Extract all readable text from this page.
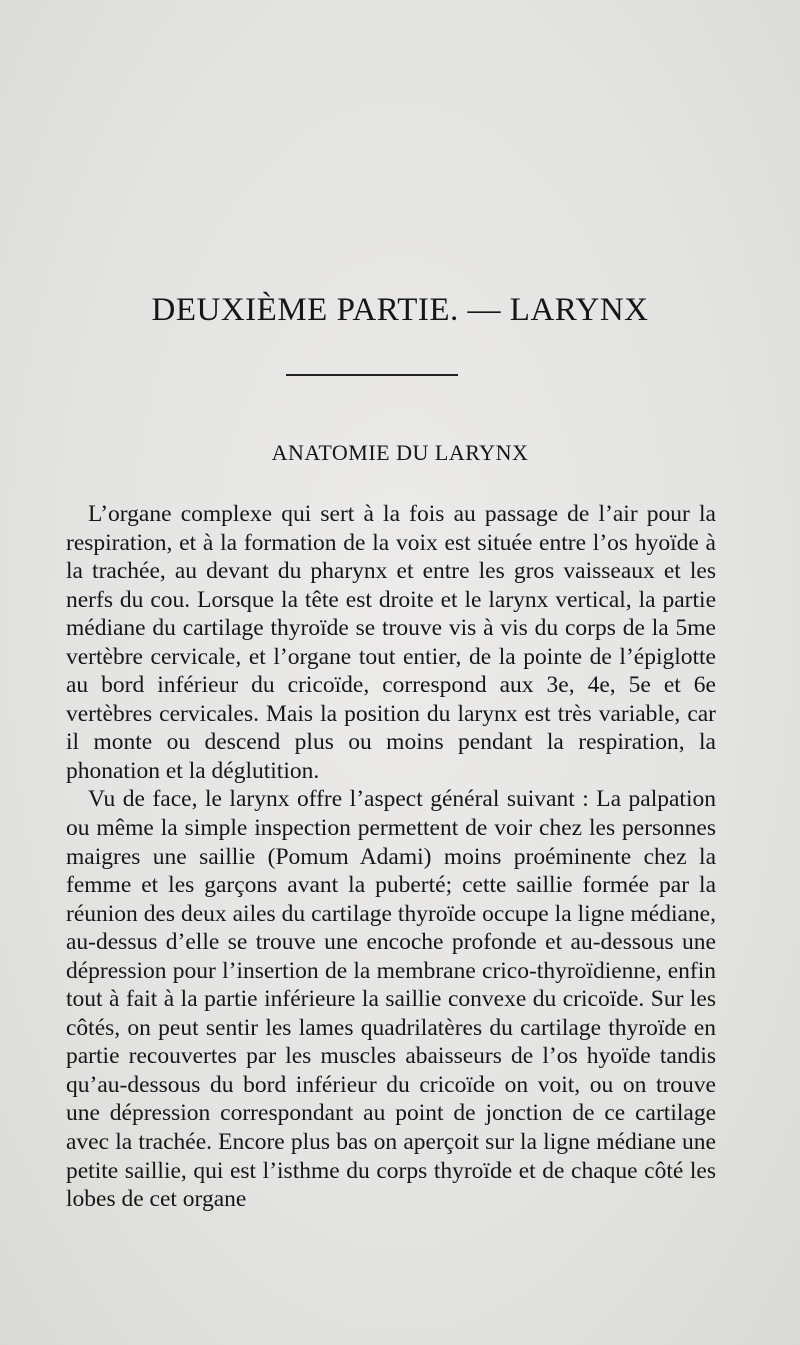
DEUXIÈME PARTIE. — LARYNX
ANATOMIE DU LARYNX

L’organe complexe qui sert à la fois au passage de l’air pour la respiration, et à la formation de la voix est située entre l’os hyoïde à la trachée, au devant du pharynx et entre les gros vaisseaux et les nerfs du cou. Lorsque la tête est droite et le larynx vertical, la partie médiane du cartilage thyroïde se trouve vis à vis du corps de la 5me vertèbre cervicale, et l’organe tout entier, de la pointe de l’épiglotte au bord inférieur du cricoïde, correspond aux 3e, 4e, 5e et 6e vertèbres cervicales. Mais la position du larynx est très variable, car il monte ou descend plus ou moins pendant la respiration, la phonation et la déglutition.

Vu de face, le larynx offre l’aspect général suivant : La palpation ou même la simple inspection permettent de voir chez les personnes maigres une saillie (Pomum Adami) moins proéminente chez la femme et les garçons avant la puberté; cette saillie formée par la réunion des deux ailes du cartilage thyroïde occupe la ligne médiane, au-dessus d’elle se trouve une encoche profonde et au-dessous une dépression pour l’insertion de la membrane crico-thyroïdienne, enfin tout à fait à la partie inférieure la saillie convexe du cricoïde. Sur les côtés, on peut sentir les lames quadrilatères du cartilage thyroïde en partie recouvertes par les muscles abaisseurs de l’os hyoïde tandis qu’au-dessous du bord inférieur du cricoïde on voit, ou on trouve une dépression correspondant au point de jonction de ce cartilage avec la trachée. Encore plus bas on aperçoit sur la ligne médiane une petite saillie, qui est l’isthme du corps thyroïde et de chaque côté les lobes de cet organe
